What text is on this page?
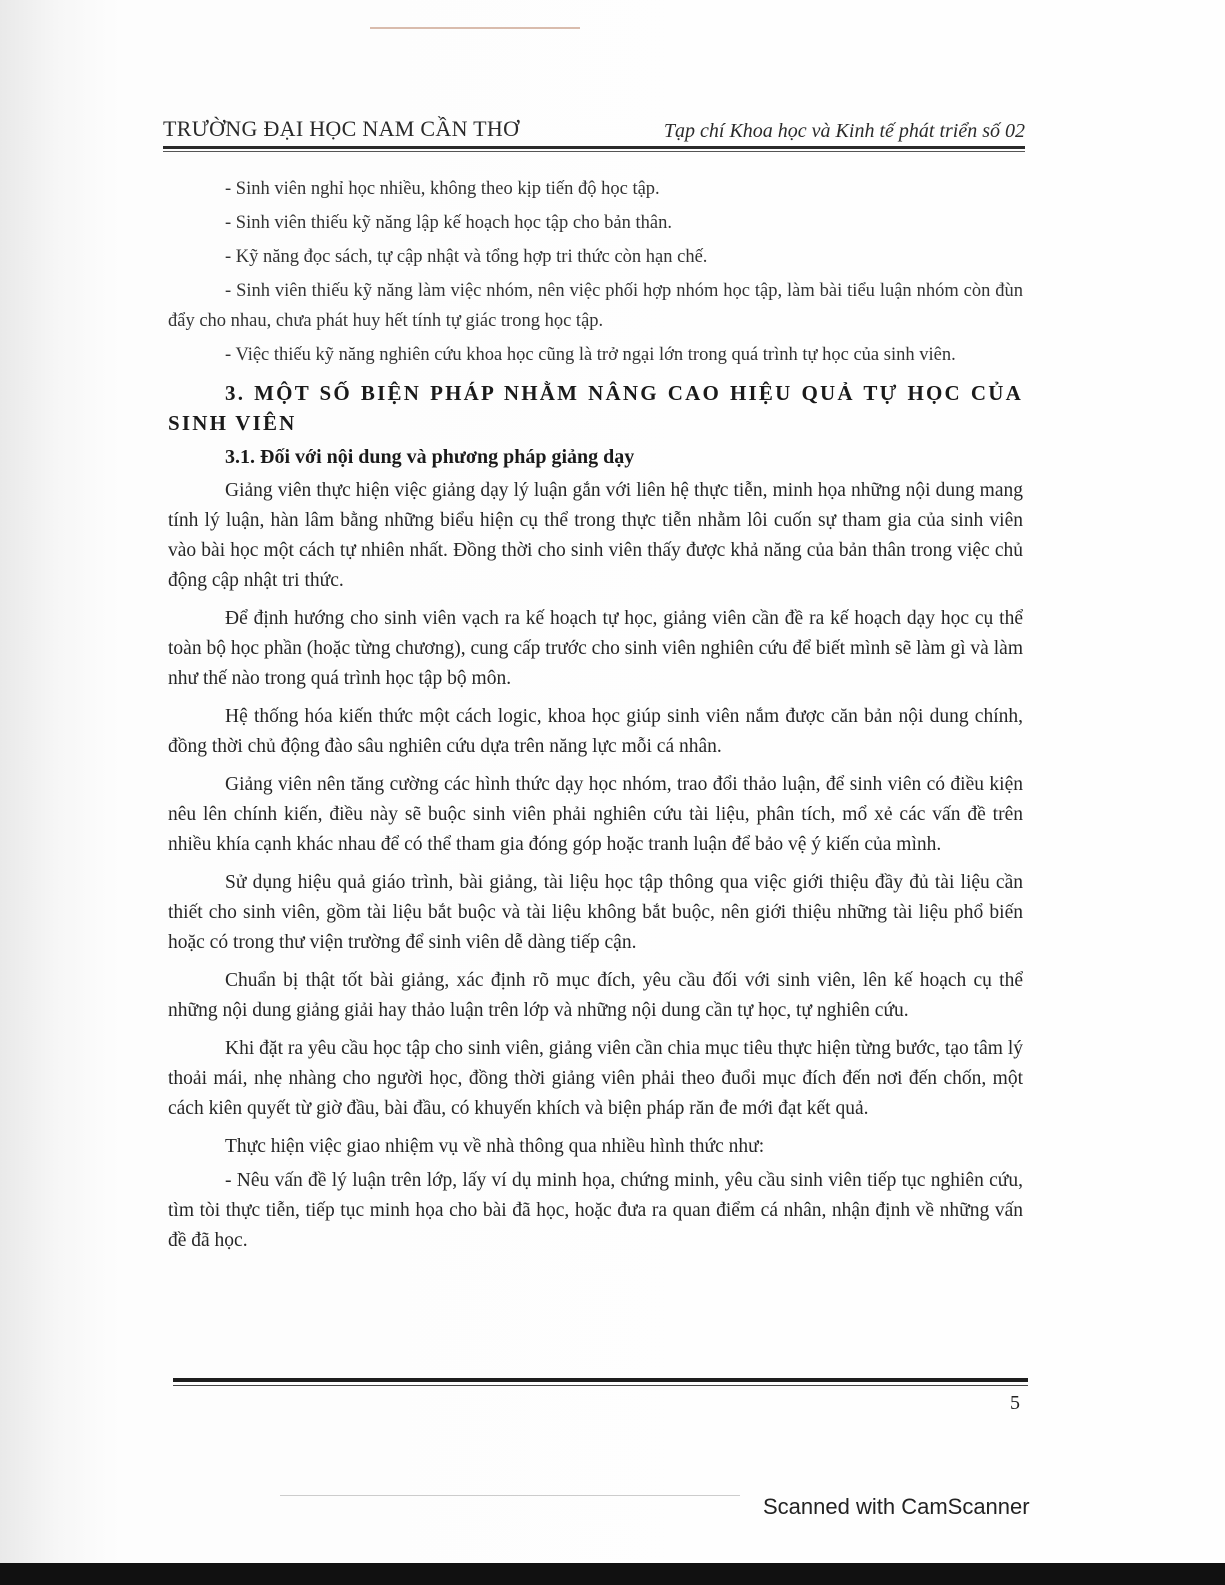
TRƯỜNG ĐẠI HỌC NAM CẦN THƠ	Tạp chí Khoa học và Kinh tế phát triển số 02

- Sinh viên nghỉ học nhiều, không theo kịp tiến độ học tập.

- Sinh viên thiếu kỹ năng lập kế hoạch học tập cho bản thân.

- Kỹ năng đọc sách, tự cập nhật và tổng hợp tri thức còn hạn chế.

- Sinh viên thiếu kỹ năng làm việc nhóm, nên việc phối hợp nhóm học tập, làm bài tiểu luận nhóm còn đùn đẩy cho nhau, chưa phát huy hết tính tự giác trong học tập.

- Việc thiếu kỹ năng nghiên cứu khoa học cũng là trở ngại lớn trong quá trình tự học của sinh viên.

3. MỘT SỐ BIỆN PHÁP NHẰM NÂNG CAO HIỆU QUẢ TỰ HỌC CỦA SINH VIÊN

3.1. Đối với nội dung và phương pháp giảng dạy

Giảng viên thực hiện việc giảng dạy lý luận gắn với liên hệ thực tiễn, minh họa những nội dung mang tính lý luận, hàn lâm bằng những biểu hiện cụ thể trong thực tiễn nhằm lôi cuốn sự tham gia của sinh viên vào bài học một cách tự nhiên nhất. Đồng thời cho sinh viên thấy được khả năng của bản thân trong việc chủ động cập nhật tri thức.

Để định hướng cho sinh viên vạch ra kế hoạch tự học, giảng viên cần đề ra kế hoạch dạy học cụ thể toàn bộ học phần (hoặc từng chương), cung cấp trước cho sinh viên nghiên cứu để biết mình sẽ làm gì và làm như thế nào trong quá trình học tập bộ môn.

Hệ thống hóa kiến thức một cách logic, khoa học giúp sinh viên nắm được căn bản nội dung chính, đồng thời chủ động đào sâu nghiên cứu dựa trên năng lực mỗi cá nhân.

Giảng viên nên tăng cường các hình thức dạy học nhóm, trao đổi thảo luận, để sinh viên có điều kiện nêu lên chính kiến, điều này sẽ buộc sinh viên phải nghiên cứu tài liệu, phân tích, mổ xẻ các vấn đề trên nhiều khía cạnh khác nhau để có thể tham gia đóng góp hoặc tranh luận để bảo vệ ý kiến của mình.

Sử dụng hiệu quả giáo trình, bài giảng, tài liệu học tập thông qua việc giới thiệu đầy đủ tài liệu cần thiết cho sinh viên, gồm tài liệu bắt buộc và tài liệu không bắt buộc, nên giới thiệu những tài liệu phổ biến hoặc có trong thư viện trường để sinh viên dễ dàng tiếp cận.

Chuẩn bị thật tốt bài giảng, xác định rõ mục đích, yêu cầu đối với sinh viên, lên kế hoạch cụ thể những nội dung giảng giải hay thảo luận trên lớp và những nội dung cần tự học, tự nghiên cứu.

Khi đặt ra yêu cầu học tập cho sinh viên, giảng viên cần chia mục tiêu thực hiện từng bước, tạo tâm lý thoải mái, nhẹ nhàng cho người học, đồng thời giảng viên phải theo đuổi mục đích đến nơi đến chốn, một cách kiên quyết từ giờ đầu, bài đầu, có khuyến khích và biện pháp răn đe mới đạt kết quả.

Thực hiện việc giao nhiệm vụ về nhà thông qua nhiều hình thức như:

- Nêu vấn đề lý luận trên lớp, lấy ví dụ minh họa, chứng minh, yêu cầu sinh viên tiếp tục nghiên cứu, tìm tòi thực tiễn, tiếp tục minh họa cho bài đã học, hoặc đưa ra quan điểm cá nhân, nhận định về những vấn đề đã học.

5
Scanned with CamScanner
